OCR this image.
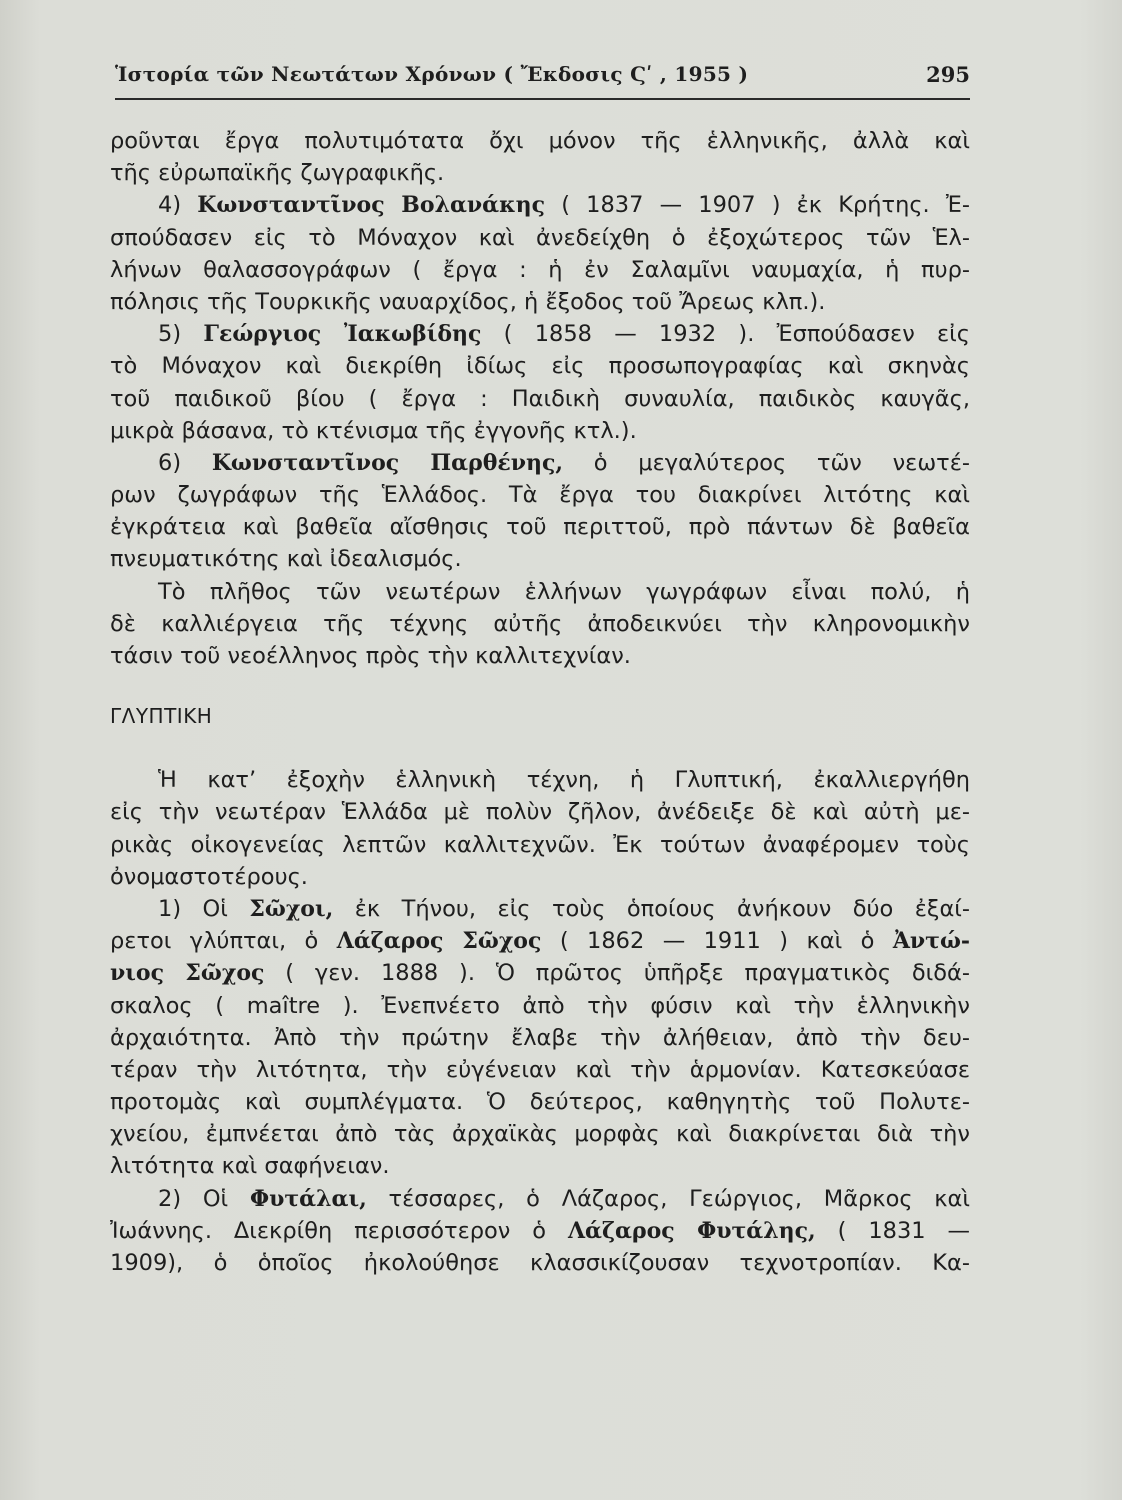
Ἱστορία τῶν Νεωτάτων Χρόνων ( Ἔκδοσις Ϛʹ , 1955 )	295
ροῦνται ἔργα πολυτιμότατα ὄχι μόνον τῆς ἑλληνικῆς, ἀλλὰ καὶ
τῆς εὐρωπαϊκῆς ζωγραφικῆς.
4) Κωνσταντῖνος Βολανάκης ( 1837 — 1907 ) ἐκ Κρήτης. Ἐ-
σπούδασεν εἰς τὸ Μόναχον καὶ ἀνεδείχθη ὁ ἐξοχώτερος τῶν Ἑλ-
λήνων θαλασσογράφων ( ἔργα : ἡ ἐν Σαλαμῖνι ναυμαχία, ἡ πυρ-
πόλησις τῆς Τουρκικῆς ναυαρχίδος, ἡ ἔξοδος τοῦ Ἄρεως κλπ.).
5) Γεώργιος Ἰακωβίδης ( 1858 — 1932 ). Ἐσπούδασεν εἰς
τὸ Μόναχον καὶ διεκρίθη ἰδίως εἰς προσωπογραφίας καὶ σκηνὰς
τοῦ παιδικοῦ βίου ( ἔργα : Παιδικὴ συναυλία, παιδικὸς καυγᾶς,
μικρὰ βάσανα, τὸ κτένισμα τῆς ἐγγονῆς κτλ.).
6) Κωνσταντῖνος Παρθένης, ὁ μεγαλύτερος τῶν νεωτέ-
ρων ζωγράφων τῆς Ἑλλάδος. Τὰ ἔργα του διακρίνει λιτότης καὶ
ἐγκράτεια καὶ βαθεῖα αἴσθησις τοῦ περιττοῦ, πρὸ πάντων δὲ βαθεῖα
πνευματικότης καὶ ἰδεαλισμός.
Τὸ πλῆθος τῶν νεωτέρων ἑλλήνων γωγράφων εἶναι πολύ, ἡ
δὲ καλλιέργεια τῆς τέχνης αὐτῆς ἀποδεικνύει τὴν κληρονομικὴν
τάσιν τοῦ νεοέλληνος πρὸς τὴν καλλιτεχνίαν.
ΓΛΥΠΤΙΚΗ
Ἡ κατ’ ἐξοχὴν ἑλληνικὴ τέχνη, ἡ Γλυπτική, ἐκαλλιεργήθη
εἰς τὴν νεωτέραν Ἑλλάδα μὲ πολὺν ζῆλον, ἀνέδειξε δὲ καὶ αὐτὴ με-
ρικὰς οἰκογενείας λεπτῶν καλλιτεχνῶν. Ἐκ τούτων ἀναφέρομεν τοὺς
ὀνομαστοτέρους.
1) Οἱ Σῶχοι, ἐκ Τήνου, εἰς τοὺς ὁποίους ἀνήκουν δύο ἐξαί-
ρετοι γλύπται, ὁ Λάζαρος Σῶχος ( 1862 — 1911 ) καὶ ὁ Ἀντώ-
νιος Σῶχος ( γεν. 1888 ). Ὁ πρῶτος ὑπῆρξε πραγματικὸς διδά-
σκαλος ( maître ). Ἐνεπνέετο ἀπὸ τὴν φύσιν καὶ τὴν ἑλληνικὴν
ἀρχαιότητα. Ἀπὸ τὴν πρώτην ἔλαβε τὴν ἀλήθειαν, ἀπὸ τὴν δευ-
τέραν τὴν λιτότητα, τὴν εὐγένειαν καὶ τὴν ἁρμονίαν. Κατεσκεύασε
προτομὰς καὶ συμπλέγματα. Ὁ δεύτερος, καθηγητὴς τοῦ Πολυτε-
χνείου, ἐμπνέεται ἀπὸ τὰς ἀρχαϊκὰς μορφὰς καὶ διακρίνεται διὰ τὴν
λιτότητα καὶ σαφήνειαν.
2) Οἱ Φυτάλαι, τέσσαρες, ὁ Λάζαρος, Γεώργιος, Μᾶρκος καὶ
Ἰωάννης. Διεκρίθη περισσότερον ὁ Λάζαρος Φυτάλης, ( 1831 —
1909), ὁ ὁποῖος ἠκολούθησε κλασσικίζουσαν τεχνοτροπίαν. Κα-
